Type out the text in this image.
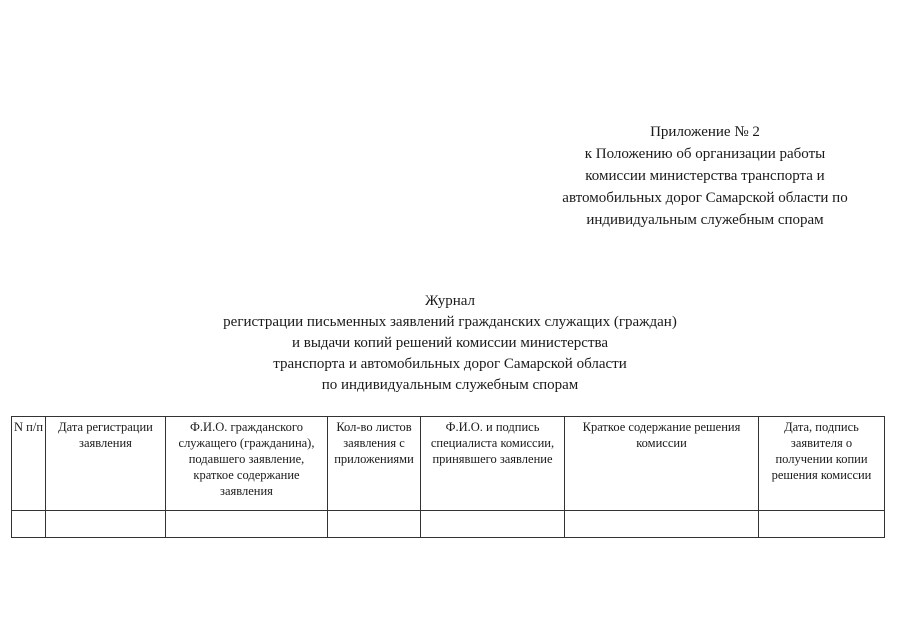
Приложение № 2
к Положению об организации работы
комиссии министерства транспорта и
автомобильных дорог Самарской области по
индивидуальным служебным спорам
Журнал
регистрации письменных заявлений гражданских служащих (граждан)
и выдачи копий решений комиссии министерства
транспорта и автомобильных дорог Самарской области
по индивидуальным служебным спорам
N п/п	Дата регистрации заявления	Ф.И.О. гражданского служащего (гражданина), подавшего заявление, краткое содержание заявления	Кол-во листов заявления с приложениями	Ф.И.О. и подпись специалиста комиссии, принявшего заявление	Краткое содержание решения комиссии	Дата, подпись заявителя о получении копии решения комиссии
